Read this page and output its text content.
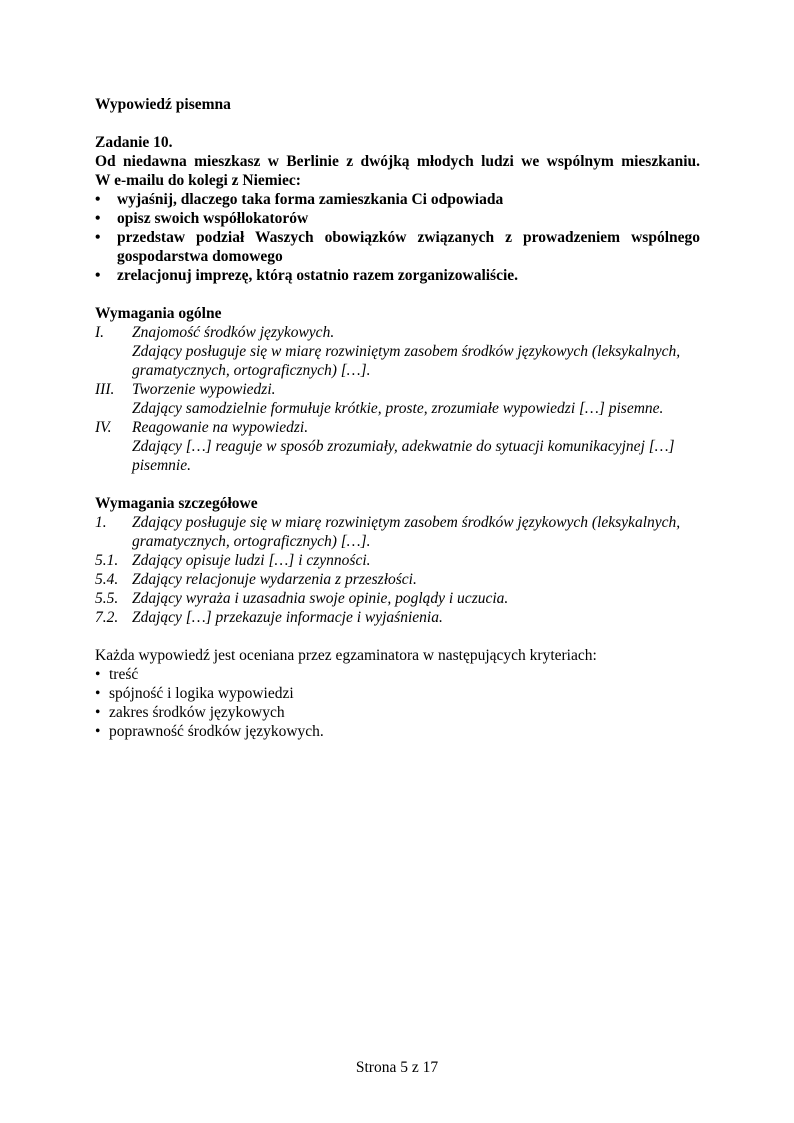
Wypowiedź pisemna
Zadanie 10.
Od niedawna mieszkasz w Berlinie z dwójką młodych ludzi we wspólnym mieszkaniu.
W e-mailu do kolegi z Niemiec:
• wyjaśnij, dlaczego taka forma zamieszkania Ci odpowiada
• opisz swoich współlokatorów
• przedstaw podział Waszych obowiązków związanych z prowadzeniem wspólnego
gospodarstwa domowego
• zrelacjonuj imprezę, którą ostatnio razem zorganizowaliście.
Wymagania ogólne
I.	Znajomość środków językowych.
Zdający posługuje się w miarę rozwiniętym zasobem środków językowych (leksykalnych,
gramatycznych, ortograficznych) […].
III.	Tworzenie wypowiedzi.
Zdający samodzielnie formułuje krótkie, proste, zrozumiałe wypowiedzi […] pisemne.
IV.	Reagowanie na wypowiedzi.
Zdający […] reaguje w sposób zrozumiały, adekwatnie do sytuacji komunikacyjnej […]
pisemnie.
Wymagania szczegółowe
1.	Zdający posługuje się w miarę rozwiniętym zasobem środków językowych (leksykalnych,
gramatycznych, ortograficznych) […].
5.1. Zdający opisuje ludzi […] i czynności.
5.4. Zdający relacjonuje wydarzenia z przeszłości.
5.5. Zdający wyraża i uzasadnia swoje opinie, poglądy i uczucia.
7.2. Zdający […] przekazuje informacje i wyjaśnienia.
Każda wypowiedź jest oceniana przez egzaminatora w następujących kryteriach:
• treść
• spójność i logika wypowiedzi
• zakres środków językowych
• poprawność środków językowych.
Strona 5 z 17
